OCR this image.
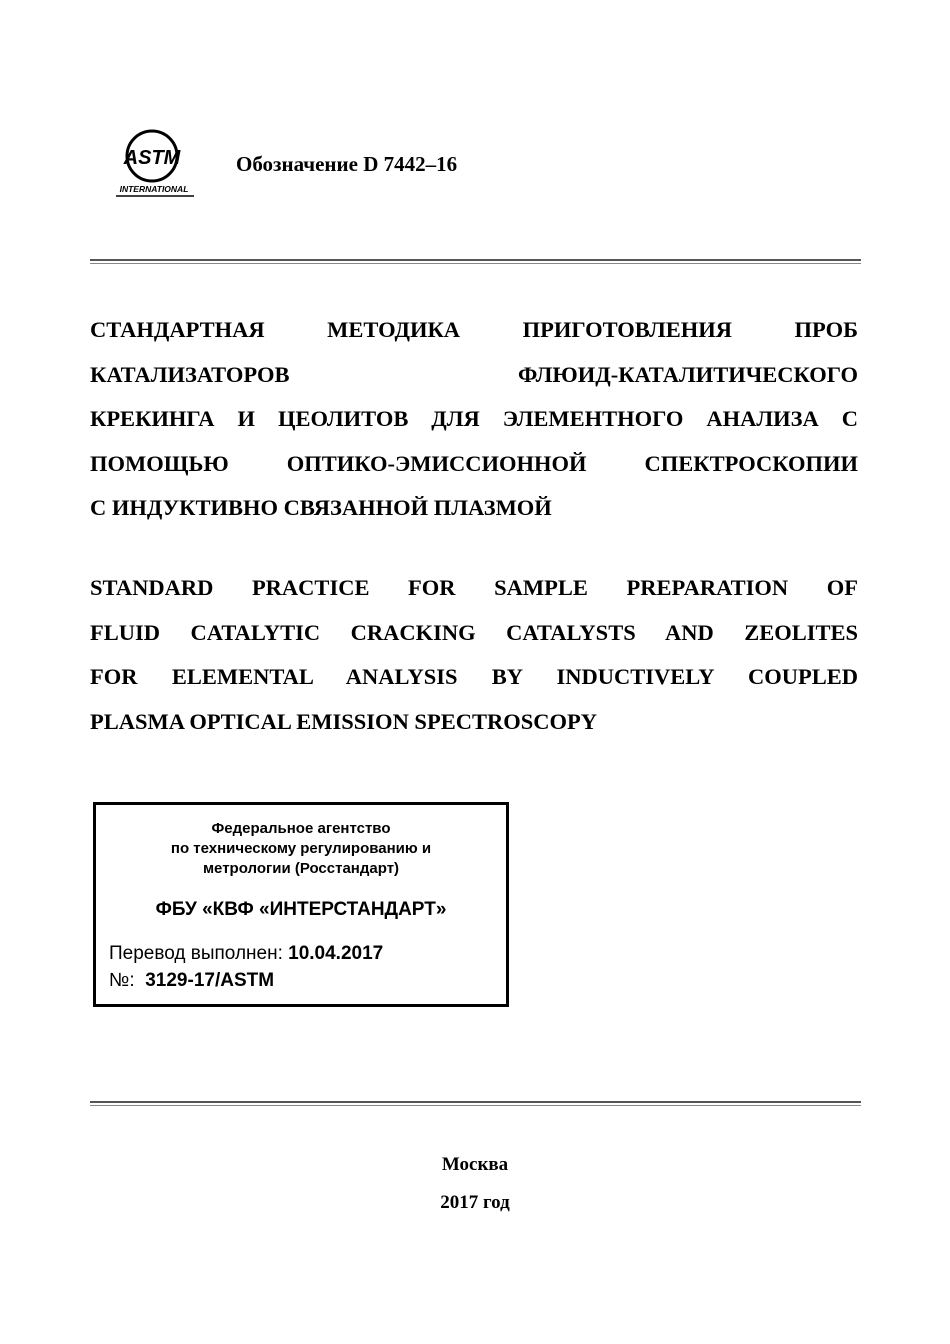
ASTM
INTERNATIONAL
Обозначение D 7442–16
СТАНДАРТНАЯ	МЕТОДИКА	ПРИГОТОВЛЕНИЯ	ПРОБ
КАТАЛИЗАТОРОВ	ФЛЮИД-КАТАЛИТИЧЕСКОГО
КРЕКИНГА И ЦЕОЛИТОВ ДЛЯ ЭЛЕМЕНТНОГО АНАЛИЗА С
ПОМОЩЬЮ	ОПТИКО-ЭМИССИОННОЙ	СПЕКТРОСКОПИИ
С ИНДУКТИВНО СВЯЗАННОЙ ПЛАЗМОЙ
STANDARD PRACTICE FOR SAMPLE PREPARATION OF
FLUID CATALYTIC CRACKING CATALYSTS AND ZEOLITES
FOR ELEMENTAL ANALYSIS BY INDUCTIVELY COUPLED
PLASMA OPTICAL EMISSION SPECTROSCOPY
Федеральное агентство
по техническому регулированию и
метрологии (Росстандарт)
ФБУ «КВФ «ИНТЕРСТАНДАРТ»
Перевод выполнен: 10.04.2017
№: 3129-17/ASTM
Москва
2017 год
